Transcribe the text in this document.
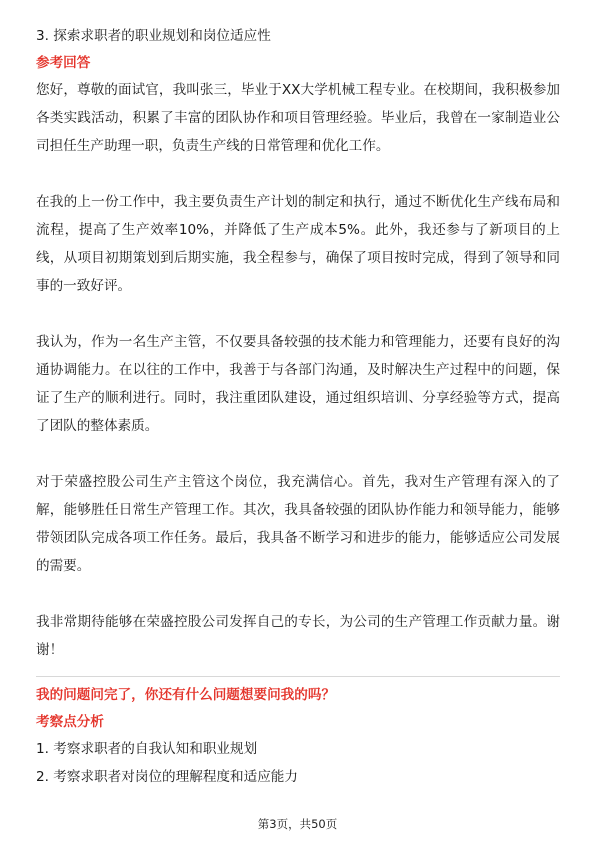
3. 探索求职者的职业规划和岗位适应性

参考回答

您好，尊敬的面试官，我叫张三，毕业于XX大学机械工程专业。在校期间，我积极参加各类实践活动，积累了丰富的团队协作和项目管理经验。毕业后，我曾在一家制造业公司担任生产助理一职，负责生产线的日常管理和优化工作。

在我的上一份工作中，我主要负责生产计划的制定和执行，通过不断优化生产线布局和流程，提高了生产效率10%，并降低了生产成本5%。此外，我还参与了新项目的上线，从项目初期策划到后期实施，我全程参与，确保了项目按时完成，得到了领导和同事的一致好评。

我认为，作为一名生产主管，不仅要具备较强的技术能力和管理能力，还要有良好的沟通协调能力。在以往的工作中，我善于与各部门沟通，及时解决生产过程中的问题，保证了生产的顺利进行。同时，我注重团队建设，通过组织培训、分享经验等方式，提高了团队的整体素质。

对于荣盛控股公司生产主管这个岗位，我充满信心。首先，我对生产管理有深入的了解，能够胜任日常生产管理工作。其次，我具备较强的团队协作能力和领导能力，能够带领团队完成各项工作任务。最后，我具备不断学习和进步的能力，能够适应公司发展的需要。

我非常期待能够在荣盛控股公司发挥自己的专长，为公司的生产管理工作贡献力量。谢谢！

我的问题问完了，你还有什么问题想要问我的吗？

考察点分析

1. 考察求职者的自我认知和职业规划

2. 考察求职者对岗位的理解程度和适应能力

第3页，共50页
